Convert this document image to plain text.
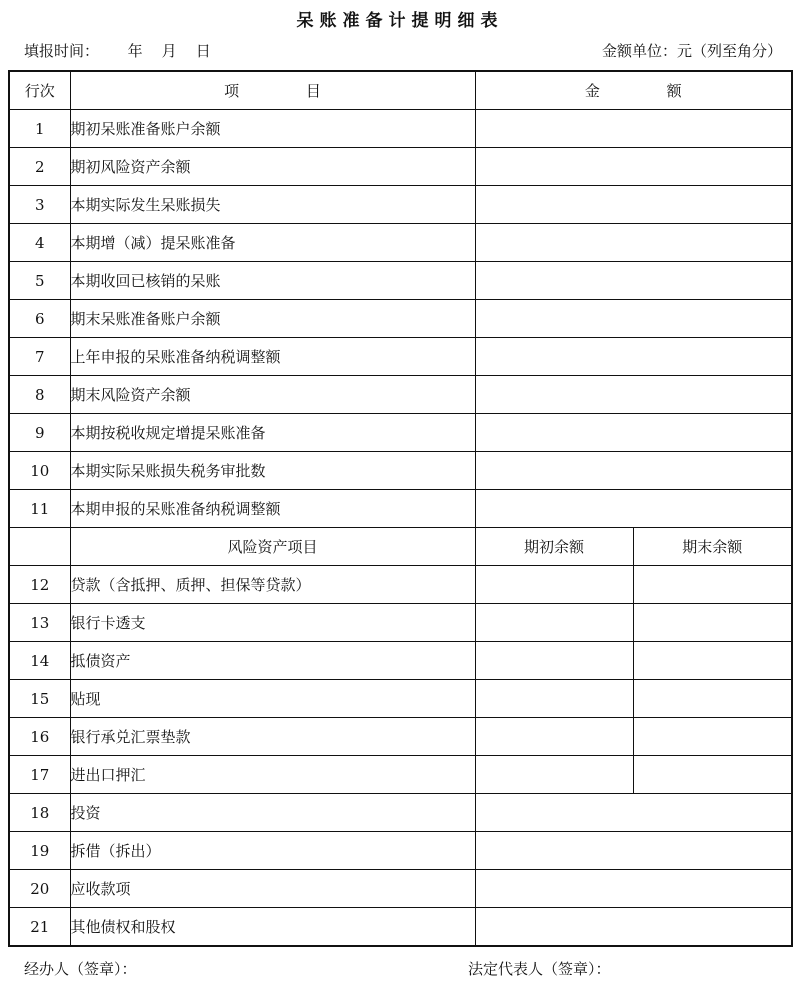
呆账准备计提明细表
填报时间：      年    月    日	金额单位：元（列至角分）
行次	项              目	金              额	
1	期初呆账准备账户余额		
2	期初风险资产余额		
3	本期实际发生呆账损失		
4	本期增（减）提呆账准备		
5	本期收回已核销的呆账		
6	期末呆账准备账户余额		
7	上年申报的呆账准备纳税调整额		
8	期末风险资产余额		
9	本期按税收规定增提呆账准备		
10	本期实际呆账损失税务审批数		
11	本期申报的呆账准备纳税调整额		
	风险资产项目	期初余额	期末余额
12	贷款（含抵押、质押、担保等贷款）		
13	银行卡透支		
14	抵债资产		
15	贴现		
16	银行承兑汇票垫款		
17	进出口押汇		
18	投资		
19	拆借（拆出）		
20	应收款项		
21	其他债权和股权		
经办人（签章）：	法定代表人（签章）：
